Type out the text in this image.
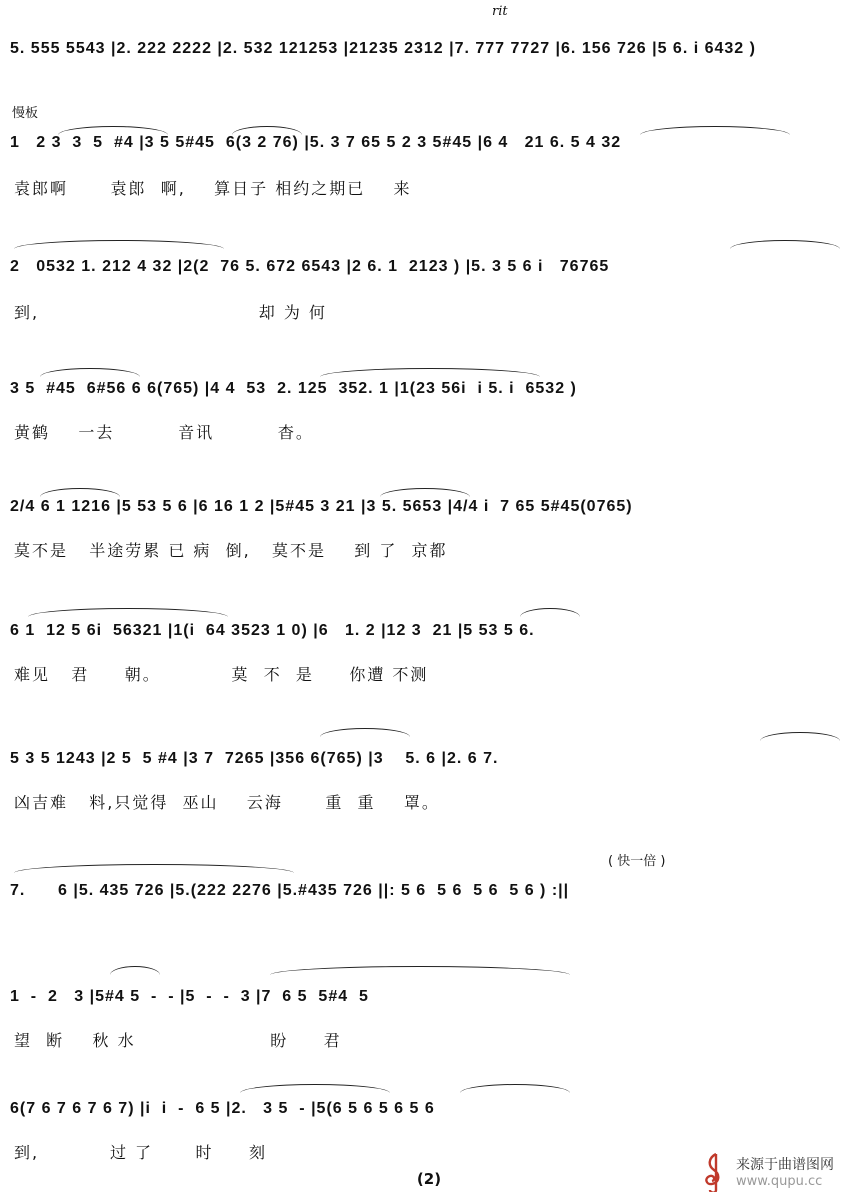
rit
慢板
( 快一倍 )
5. 555 5543 |2. 222 2222 |2. 532 121253 |21235 2312 |7. 777 7727 |6. 156 726 |5 6. i 6432 )
1   2 3  3  5  #4 |3 5 5#45  6(3 2 76) |5. 3 7 65 5 2 3 5#45 |6 4   21 6. 5 4 32
袁郎啊      袁郎  啊,    算日子 相约之期已    来
2   0532 1. 212 4 32 |2(2  76 5. 672 6543 |2 6. 1  2123 ) |5. 3 5 6 i   76765
到,                               却 为 何
3 5  #45  6#56 6 6(765) |4 4  53  2. 125  352. 1 |1(23 56i  i 5. i  6532 )
黄鹤    一去         音讯         杳。
2/4 6 1 1216 |5 53 5 6 |6 16 1 2 |5#45 3 21 |3 5. 5653 |4/4 i  7 65 5#45(0765)
莫不是   半途劳累 已 病  倒,   莫不是    到 了  京都
6 1  12 5 6i  56321 |1(i  64 3523 1 0) |6   1. 2 |12 3  21 |5 53 5 6.
难见   君     朝。          莫  不  是     你遭 不测
5 3 5 1243 |2 5  5 #4 |3 7  7265 |356 6(765) |3    5. 6 |2. 6 7.
凶吉难   料,只觉得  巫山    云海      重  重    罩。
7.      6 |5. 435 726 |5.(222 2276 |5.#435 726 ||: 5 6  5 6  5 6  5 6 ) :||
1  -  2   3 |5#4 5  -  - |5  -  -  3 |7  6 5  5#4  5
望  断    秋 水                   盼     君
6(7 6 7 6 7 6 7) |i  i  -  6 5 |2.   3 5  - |5(6 5 6 5 6 5 6
到,          过 了      时     刻
(2)
来源于曲谱图网
www.qupu.cc
